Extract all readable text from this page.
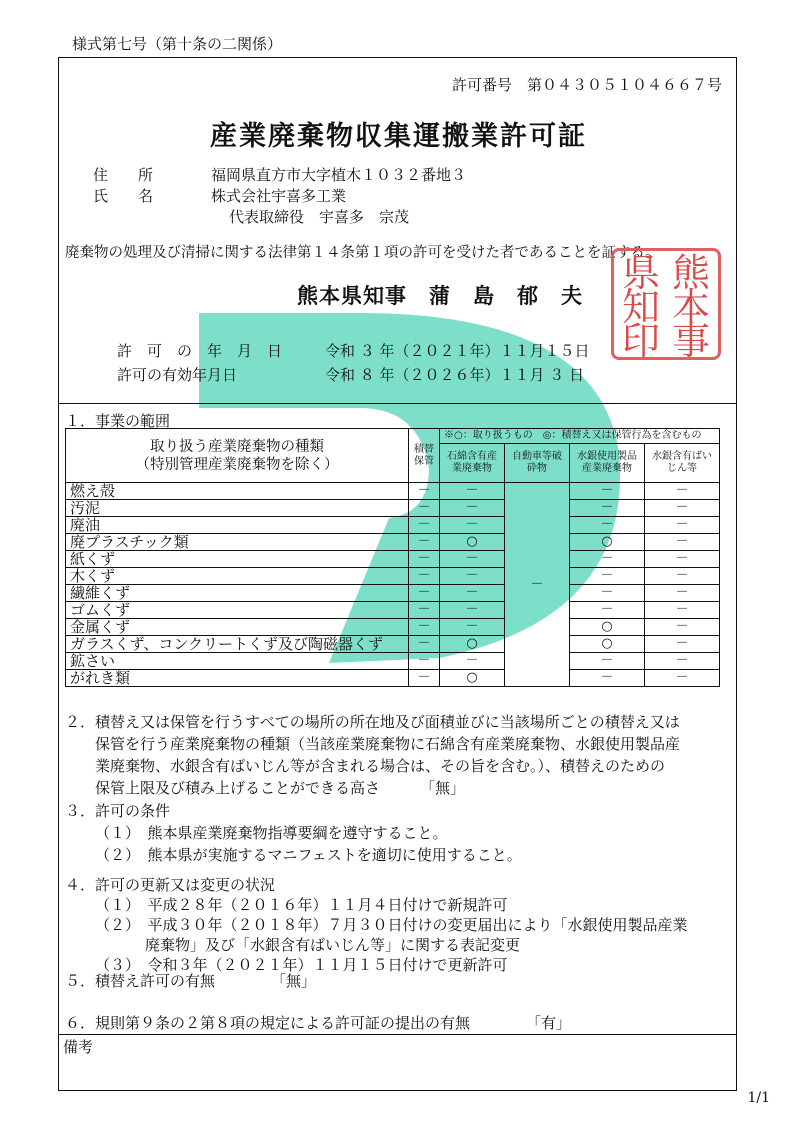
様式第七号（第十条の二関係）
許可番号　第０４３０５１０４６６７号
産業廃棄物収集運搬業許可証
住　　所	福岡県直方市大字植木１０３２番地３
氏　　名	株式会社宇喜多工業
代表取締役　宇喜多　宗茂
廃棄物の処理及び清掃に関する法律第１４条第１項の許可を受けた者であることを証する。
熊本県知事　蒲　島　郁　夫
熊
本
県
知
印 事
許　可　の　年　月　日	令和 ３ 年（２０２１年）１１月１５日
許可の有効年月日	令和 ８ 年（２０２６年）１１月 ３ 日
１．事業の範囲
取り扱う産業廃棄物の種類
（特別管理産業廃棄物を除く）	積替保管	※○：取り扱うもの　◎：積替え又は保管行為を含むもの			
		石綿含有産業廃棄物	自動車等破砕物	水銀使用製品産業廃棄物	水銀含有ばいじん等
燃え殻	－	－	－	－	－
汚泥	－	－		－	－
廃油	－	－		－	－
廃プラスチック類	－	○		○	－
紙くず	－	－		－	－
木くず	－	－		－	－
繊維くず	－	－		－	－
ゴムくず	－	－		－	－
金属くず	－	－		○	－
ガラスくず、コンクリートくず及び陶磁器くず	－	○		○	－
鉱さい	－	－		－	－
がれき類	－	○		－	－
２．積替え又は保管を行うすべての場所の所在地及び面積並びに当該場所ごとの積替え又は
保管を行う産業廃棄物の種類（当該産業廃棄物に石綿含有産業廃棄物、水銀使用製品産
業廃棄物、水銀含有ばいじん等が含まれる場合は、その旨を含む。）、積替えのための
保管上限及び積み上げることができる高さ	「無」
３．許可の条件
（１）　熊本県産業廃棄物指導要綱を遵守すること。
（２）　熊本県が実施するマニフェストを適切に使用すること。
４．許可の更新又は変更の状況
（１）　平成２８年（２０１６年）１１月４日付けで新規許可
（２）　平成３０年（２０１８年）７月３０日付けの変更届出により「水銀使用製品産業
廃棄物」及び「水銀含有ばいじん等」に関する表記変更
（３）　令和３年（２０２１年）１１月１５日付けで更新許可
５．積替え許可の有無	「無」
６．規則第９条の２第８項の規定による許可証の提出の有無	「有」
備考
1/1
